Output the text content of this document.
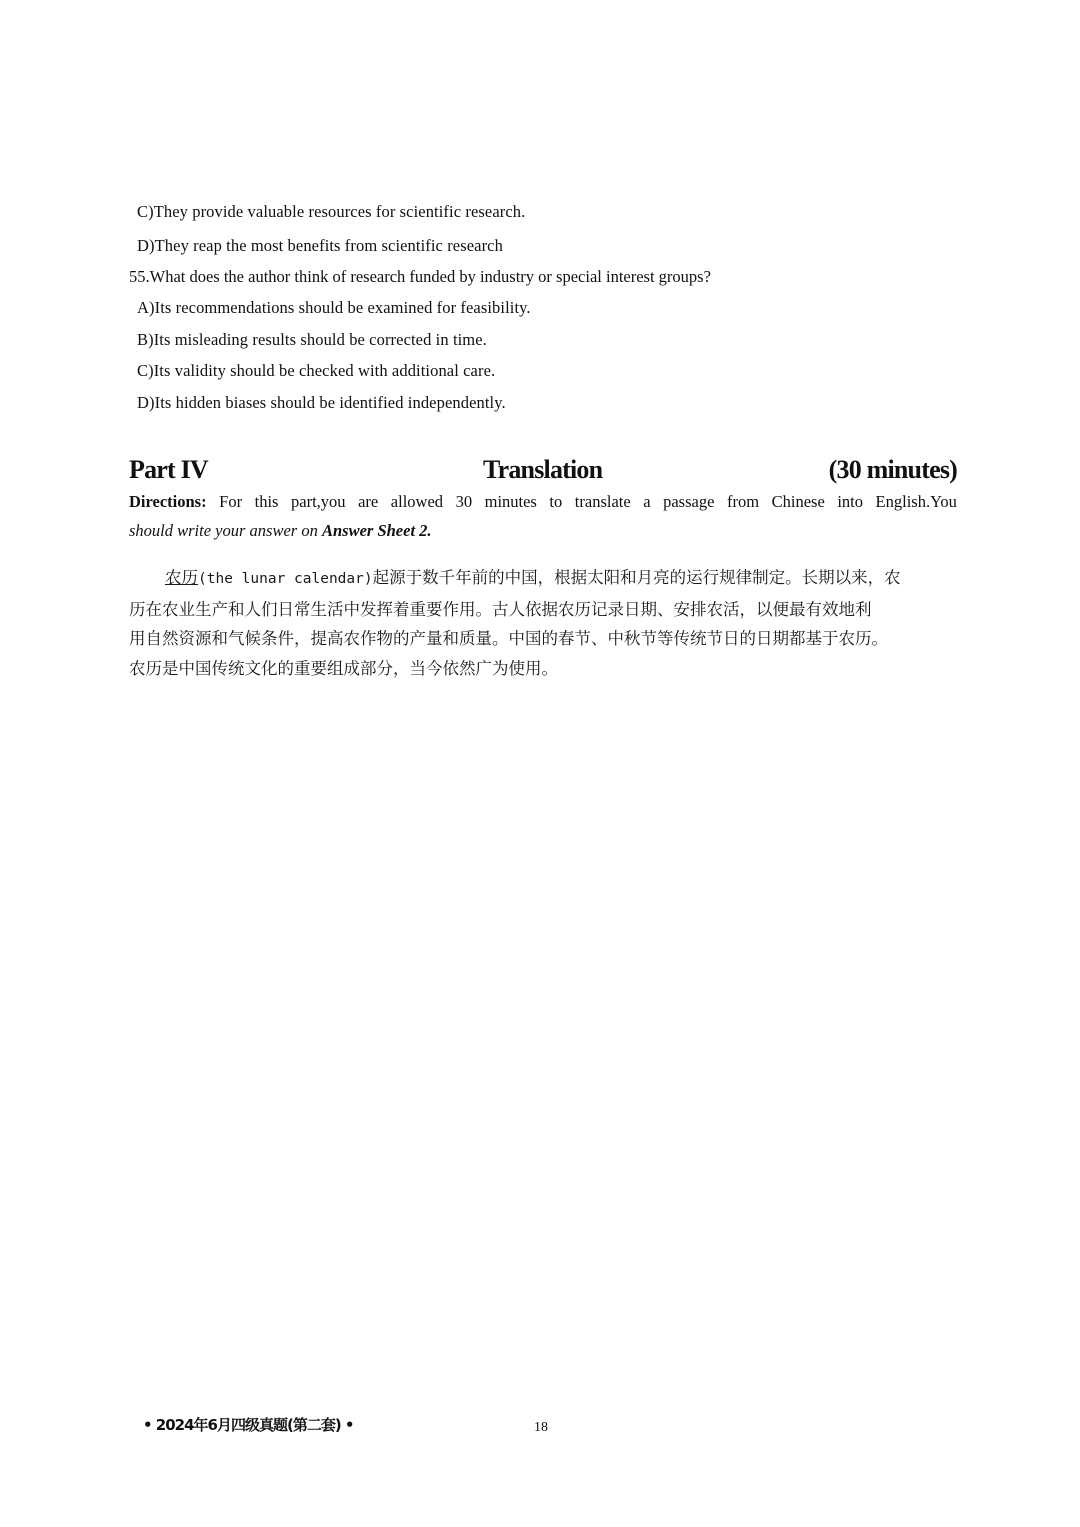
C)They provide valuable resources for scientific research.
D)They reap the most benefits from scientific research
55.What does the author think of research funded by industry or special interest groups?
A)Its recommendations should be examined for feasibility.
B)Its misleading results should be corrected in time.
C)Its validity should be checked with additional care.
D)Its hidden biases should be identified independently.
Part IV	Translation	(30 minutes)
Directions: For this part,you are allowed 30 minutes to translate a passage from Chinese into English.You
should write your answer on Answer Sheet 2.
农历(the lunar calendar)起源于数千年前的中国，根据太阳和月亮的运行规律制定。长期以来，农
历在农业生产和人们日常生活中发挥着重要作用。古人依据农历记录日期、安排农活，以便最有效地利
用自然资源和气候条件，提高农作物的产量和质量。中国的春节、中秋节等传统节日的日期都基于农历。
农历是中国传统文化的重要组成部分，当今依然广为使用。
• 2024年6月四级真题(第二套) •	18
